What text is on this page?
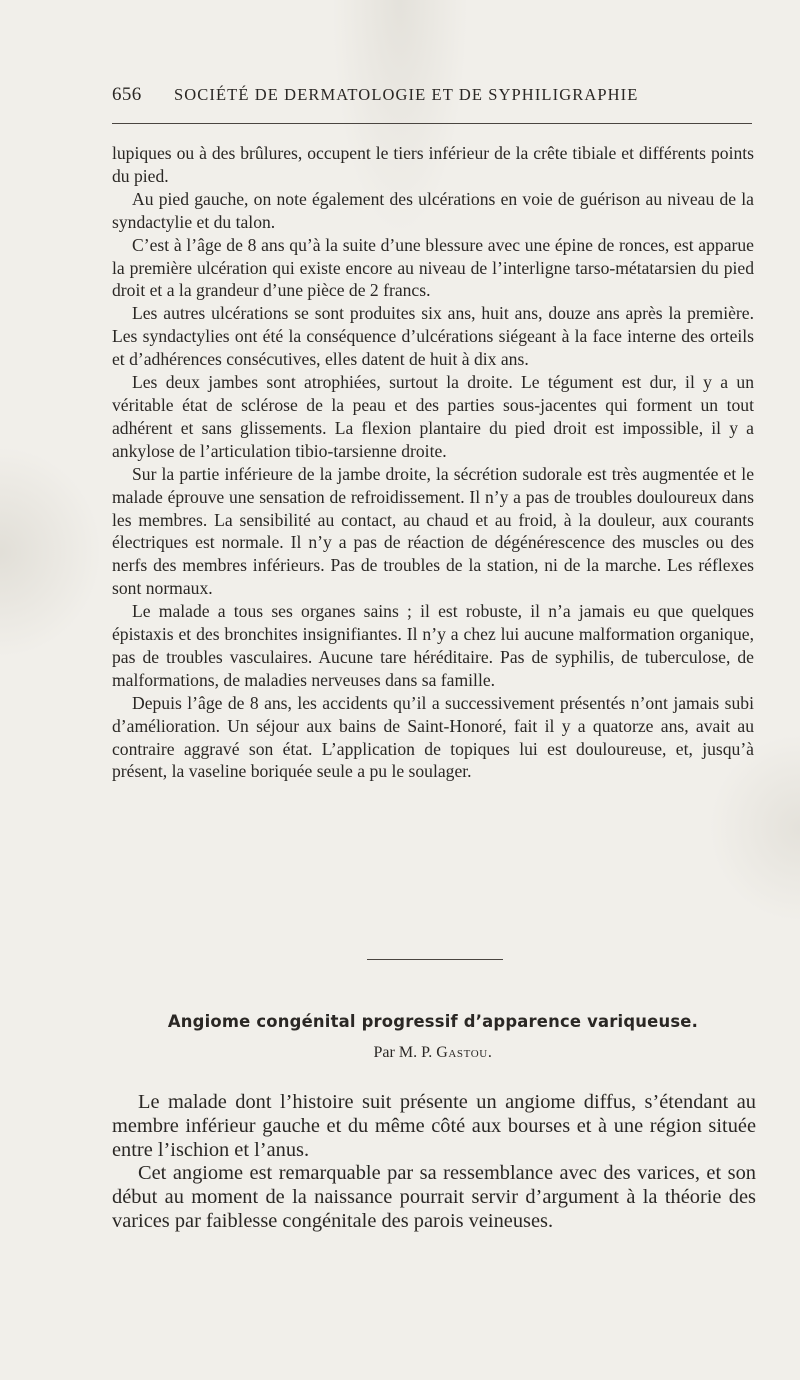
656 SOCIÉTÉ DE DERMATOLOGIE ET DE SYPHILIGRAPHIE

lupiques ou à des brûlures, occupent le tiers inférieur de la crête tibiale et différents points du pied.

Au pied gauche, on note également des ulcérations en voie de guérison au niveau de la syndactylie et du talon.

C’est à l’âge de 8 ans qu’à la suite d’une blessure avec une épine de ronces, est apparue la première ulcération qui existe encore au niveau de l’interligne tarso-métatarsien du pied droit et a la grandeur d’une pièce de 2 francs.

Les autres ulcérations se sont produites six ans, huit ans, douze ans après la première. Les syndactylies ont été la conséquence d’ulcérations siégeant à la face interne des orteils et d’adhérences consécutives, elles datent de huit à dix ans.

Les deux jambes sont atrophiées, surtout la droite. Le tégument est dur, il y a un véritable état de sclérose de la peau et des parties sous-jacentes qui forment un tout adhérent et sans glissements. La flexion plantaire du pied droit est impossible, il y a ankylose de l’articulation tibio-tarsienne droite.

Sur la partie inférieure de la jambe droite, la sécrétion sudorale est très augmentée et le malade éprouve une sensation de refroidissement. Il n’y a pas de troubles douloureux dans les membres. La sensibilité au contact, au chaud et au froid, à la douleur, aux courants électriques est normale. Il n’y a pas de réaction de dégénérescence des muscles ou des nerfs des membres inférieurs. Pas de troubles de la station, ni de la marche. Les réflexes sont normaux.

Le malade a tous ses organes sains ; il est robuste, il n’a jamais eu que quelques épistaxis et des bronchites insignifiantes. Il n’y a chez lui aucune malformation organique, pas de troubles vasculaires. Aucune tare héréditaire. Pas de syphilis, de tuberculose, de malformations, de maladies nerveuses dans sa famille.

Depuis l’âge de 8 ans, les accidents qu’il a successivement présentés n’ont jamais subi d’amélioration. Un séjour aux bains de Saint-Honoré, fait il y a quatorze ans, avait au contraire aggravé son état. L’application de topiques lui est douloureuse, et, jusqu’à présent, la vaseline boriquée seule a pu le soulager.

Angiome congénital progressif d’apparence variqueuse.
Par M. P. Gastou.

Le malade dont l’histoire suit présente un angiome diffus, s’étendant au membre inférieur gauche et du même côté aux bourses et à une région située entre l’ischion et l’anus.

Cet angiome est remarquable par sa ressemblance avec des varices, et son début au moment de la naissance pourrait servir d’argument à la théorie des varices par faiblesse congénitale des parois veineuses.
